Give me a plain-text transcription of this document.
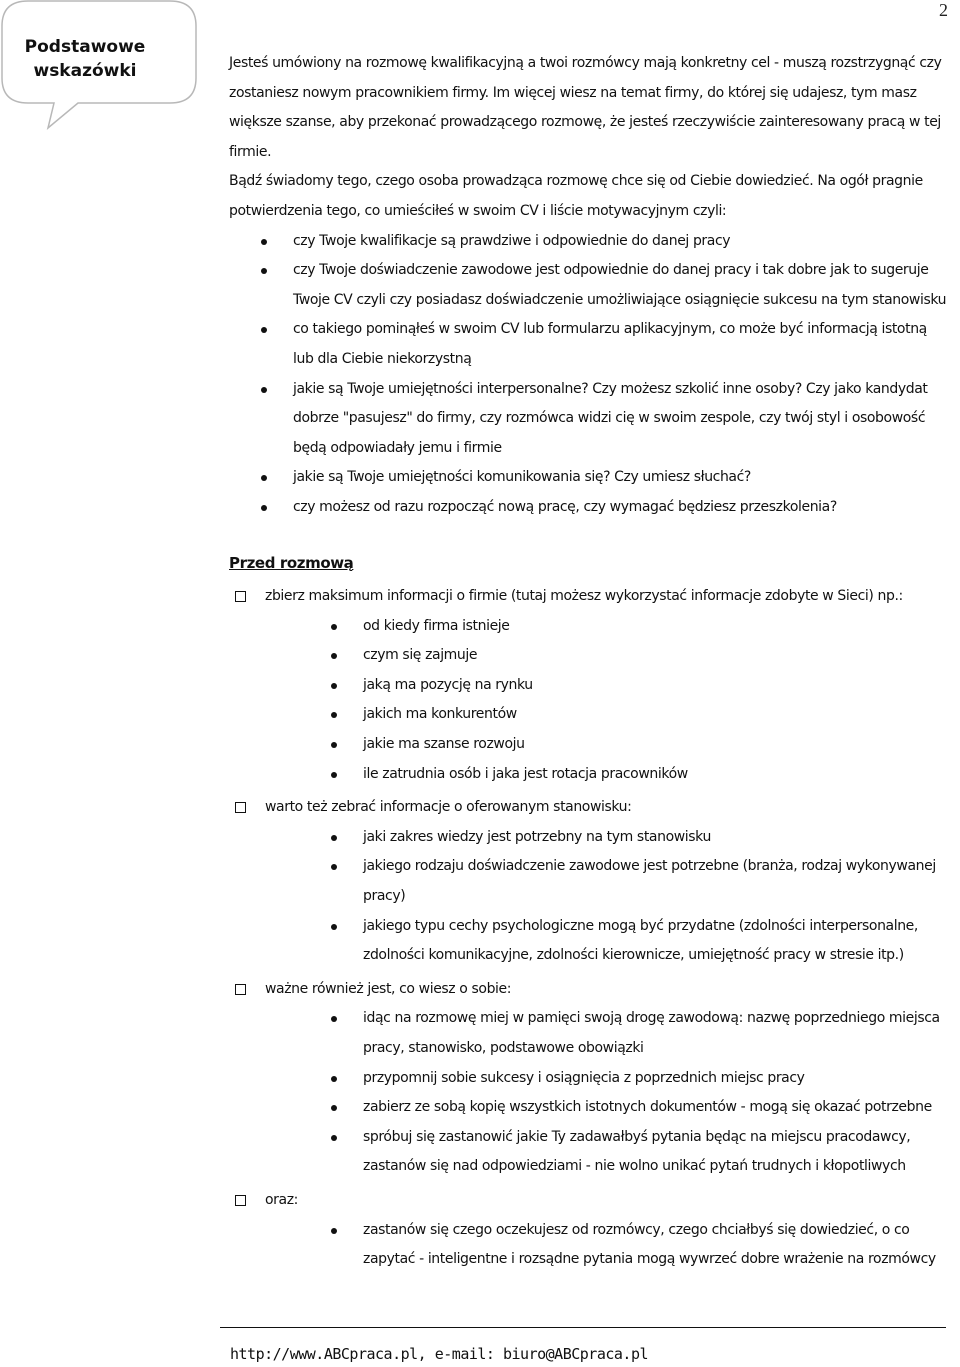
2
Podstawowe
wskazówki	Jesteś umówiony na rozmowę kwalifikacyjną a twoi rozmówcy mają konkretny cel - muszą rozstrzygnąć czy zostaniesz nowym pracownikiem firmy. Im więcej wiesz na temat firmy, do której się udajesz, tym masz większe szanse, aby przekonać prowadzącego rozmowę, że jesteś rzeczywiście zainteresowany pracą w tej firmie.

Bądź świadomy tego, czego osoba prowadząca rozmowę chce się od Ciebie dowiedzieć. Na ogół pragnie potwierdzenia tego, co umieściłeś w swoim CV i liście motywacyjnym czyli:

czy Twoje kwalifikacje są prawdziwe i odpowiednie do danej pracy
czy Twoje doświadczenie zawodowe jest odpowiednie do danej pracy i tak dobre jak to sugeruje Twoje CV czyli czy posiadasz doświadczenie umożliwiające osiągnięcie sukcesu na tym stanowisku
co takiego pominąłeś w swoim CV lub formularzu aplikacyjnym, co może być informacją istotną lub dla Ciebie niekorzystną
jakie są Twoje umiejętności interpersonalne? Czy możesz szkolić inne osoby? Czy jako kandydat dobrze "pasujesz" do firmy, czy rozmówca widzi cię w swoim zespole, czy twój styl i osobowość będą odpowiadały jemu i firmie
jakie są Twoje umiejętności komunikowania się? Czy umiesz słuchać?
czy możesz od razu rozpocząć nową pracę, czy wymagać będziesz przeszkolenia?
Przed rozmową
zbierz maksimum informacji o firmie (tutaj możesz wykorzystać informacje zdobyte w Sieci) np.:
od kiedy firma istnieje
czym się zajmuje
jaką ma pozycję na rynku
jakich ma konkurentów
jakie ma szanse rozwoju
ile zatrudnia osób i jaka jest rotacja pracowników
warto też zebrać informacje o oferowanym stanowisku:
jaki zakres wiedzy jest potrzebny na tym stanowisku
jakiego rodzaju doświadczenie zawodowe jest potrzebne (branża, rodzaj wykonywanej pracy)
jakiego typu cechy psychologiczne mogą być przydatne (zdolności interpersonalne, zdolności komunikacyjne, zdolności kierownicze, umiejętność pracy w stresie itp.)
ważne również jest, co wiesz o sobie:
idąc na rozmowę miej w pamięci swoją drogę zawodową: nazwę poprzedniego miejsca pracy, stanowisko, podstawowe obowiązki
przypomnij sobie sukcesy i osiągnięcia z poprzednich miejsc pracy
zabierz ze sobą kopię wszystkich istotnych dokumentów - mogą się okazać potrzebne
spróbuj się zastanowić jakie Ty zadawałbyś pytania będąc na miejscu pracodawcy, zastanów się nad odpowiedziami - nie wolno unikać pytań trudnych i kłopotliwych
oraz:
zastanów się czego oczekujesz od rozmówcy, czego chciałbyś się dowiedzieć, o co zapytać - inteligentne i rozsądne pytania mogą wywrzeć dobre wrażenie na rozmówcy
http://www.ABCpraca.pl, e-mail: biuro@ABCpraca.pl
